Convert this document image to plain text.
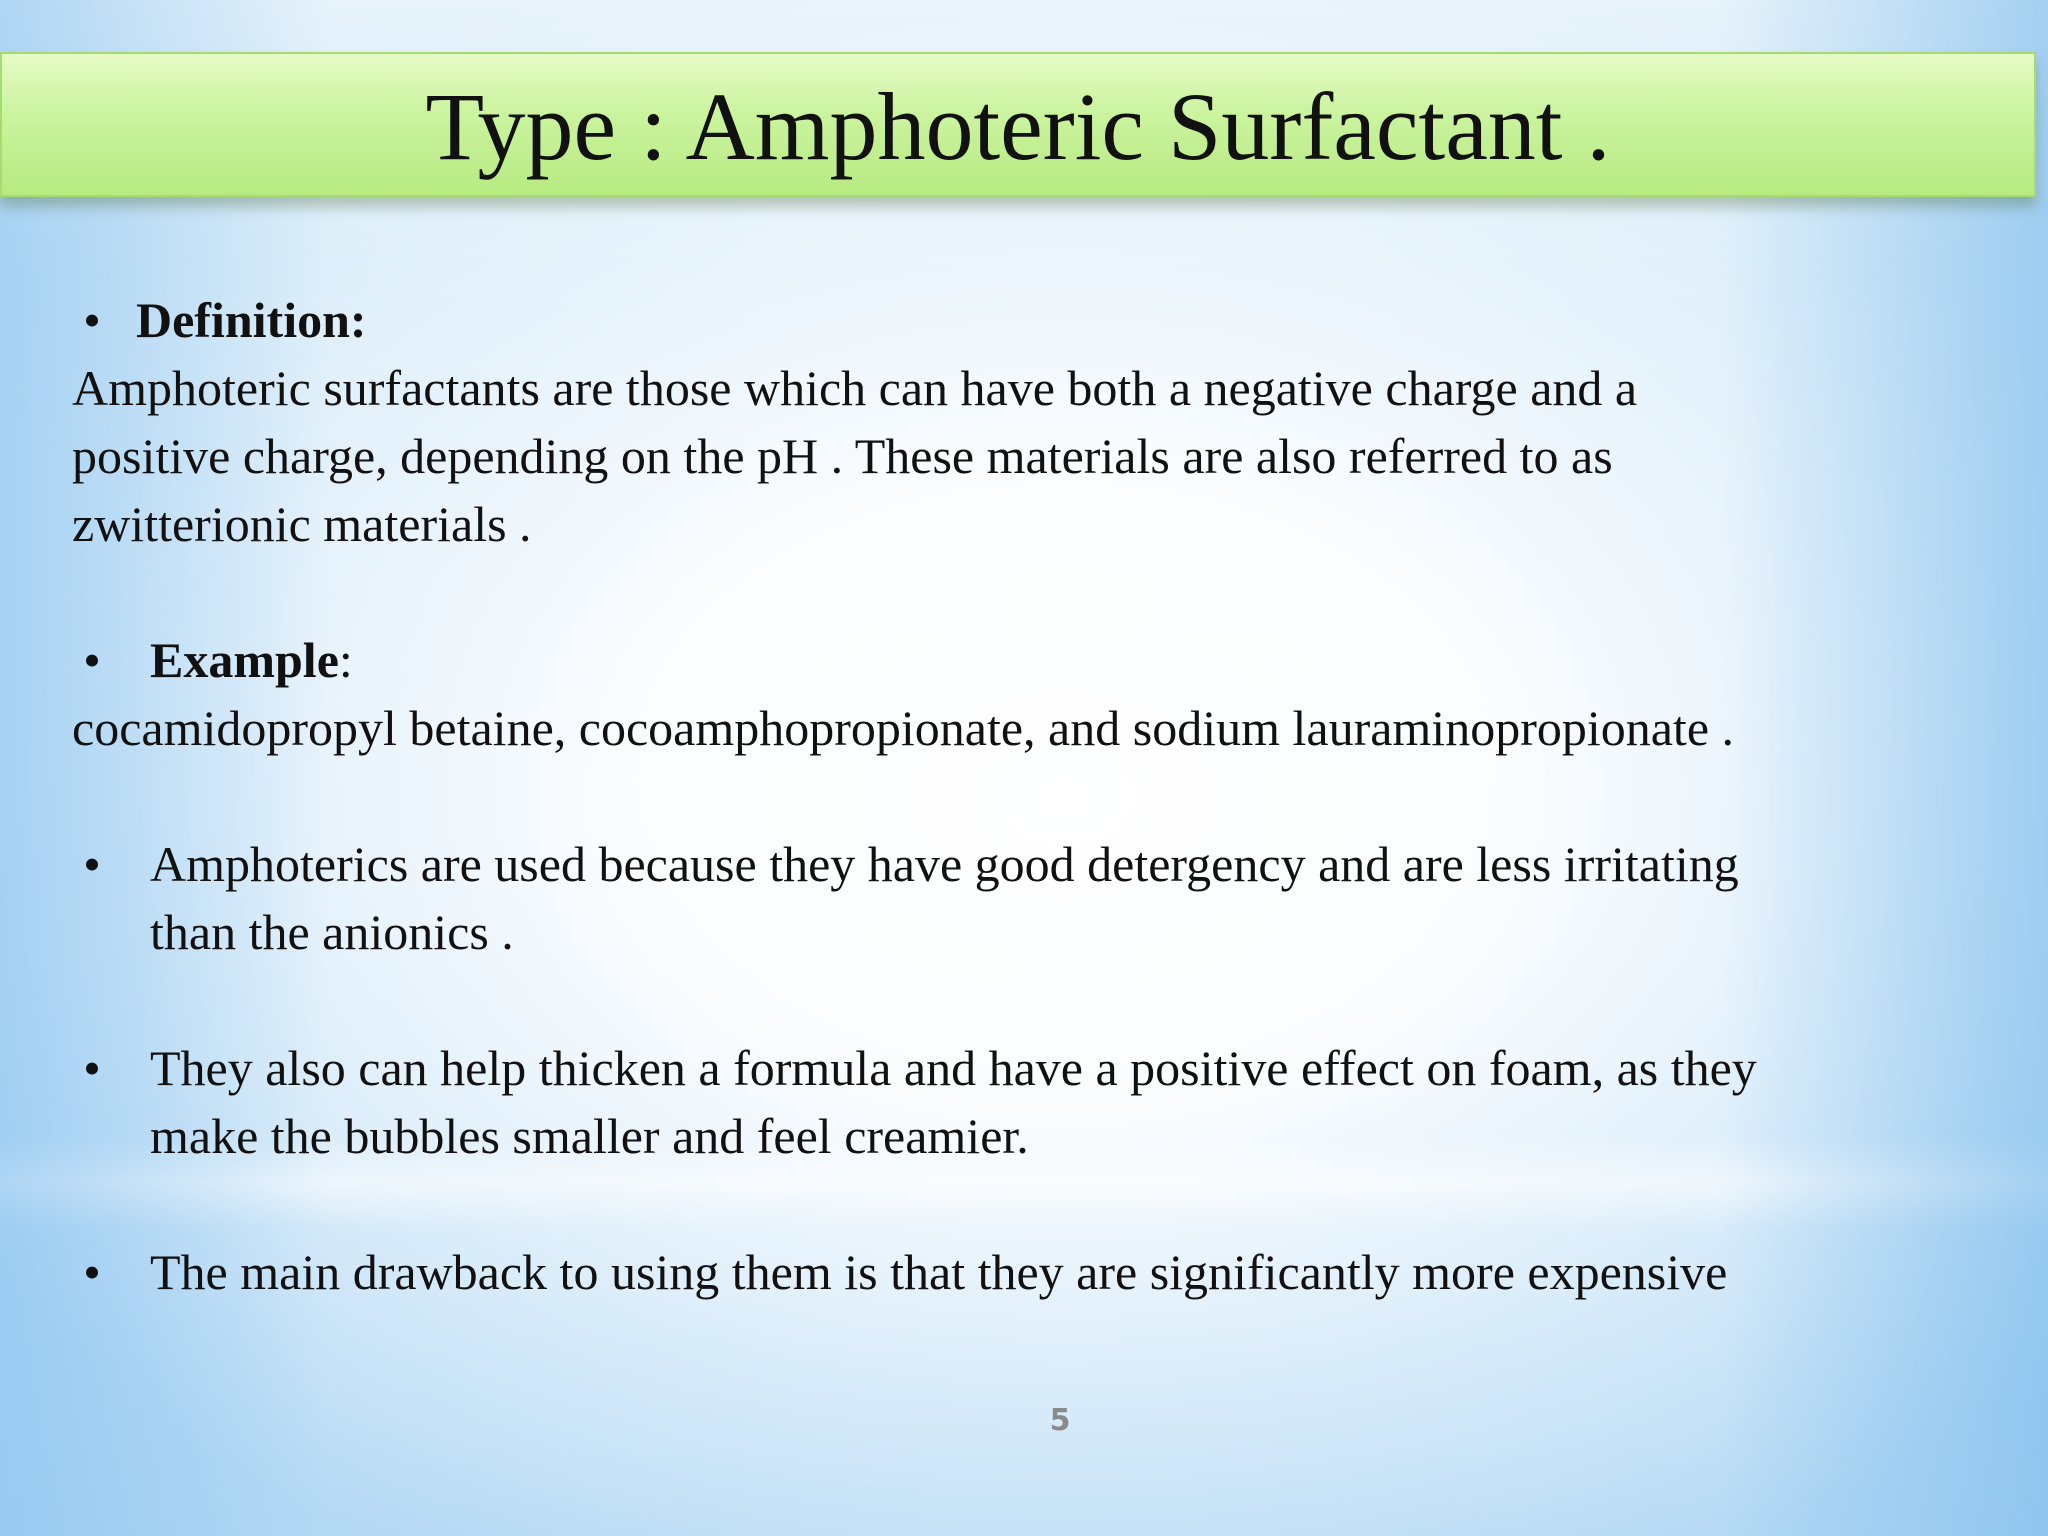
Type : Amphoteric Surfactant .
• Definition:

Amphoteric surfactants are those which can have both a negative charge and a

positive charge, depending on the pH . These materials are also referred to as

zwitterionic materials .

• Example:

cocamidopropyl betaine, cocoamphopropionate, and sodium lauraminopropionate .

• Amphoterics are used because they have good detergency and are less irritating
than the anionics .
• They also can help thicken a formula and have a positive effect on foam, as they
make the bubbles smaller and feel creamier.
• The main drawback to using them is that they are significantly more expensive
5
